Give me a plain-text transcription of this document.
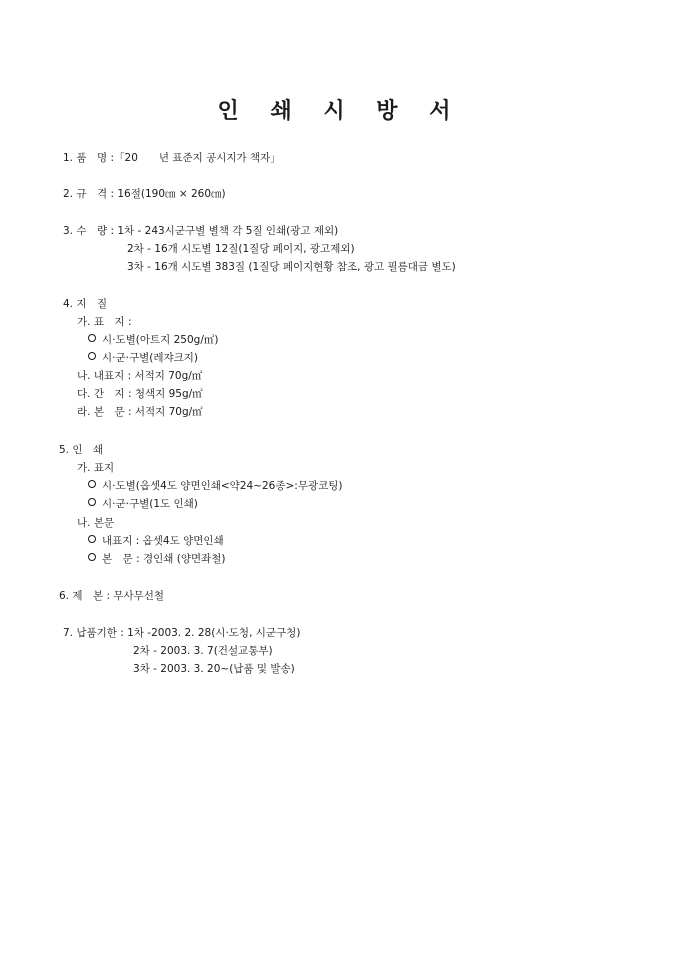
인 쇄 시 방 서
1. 품　명 :「20　　년 표준지 공시지가 책자」
2. 규　격 : 16절(190㎝ × 260㎝)
3. 수　량 : 1차 - 243시군구별 별책 각 5질 인쇄(광고 제외)
2차 - 16개 시도별 12질(1질당 페이지, 광고제외)
3차 - 16개 시도별 383질 (1질당 페이지현황 참조, 광고 필름대금 별도)
4. 지　질
가. 표　지 :
시·도별(아트지 250g/㎡)
시·군·구별(레쟈크지)
나. 내표지 : 서적지 70g/㎡
다. 간　지 : 청색지 95g/㎡
라. 본　문 : 서적지 70g/㎡
5. 인　쇄
가. 표지
시·도별(옵셋4도 양면인쇄<약24~26종>:무광코팅)
시·군·구별(1도 인쇄)
나. 본문
내표지 : 옵셋4도 양면인쇄
본　문 : 경인쇄 (양면좌철)
6. 제　본 : 무사무선철
7. 납품기한 : 1차 -2003. 2. 28(시·도청, 시군구청)
2차 - 2003. 3. 7(건설교통부)
3차 - 2003. 3. 20~(납품 및 발송)
